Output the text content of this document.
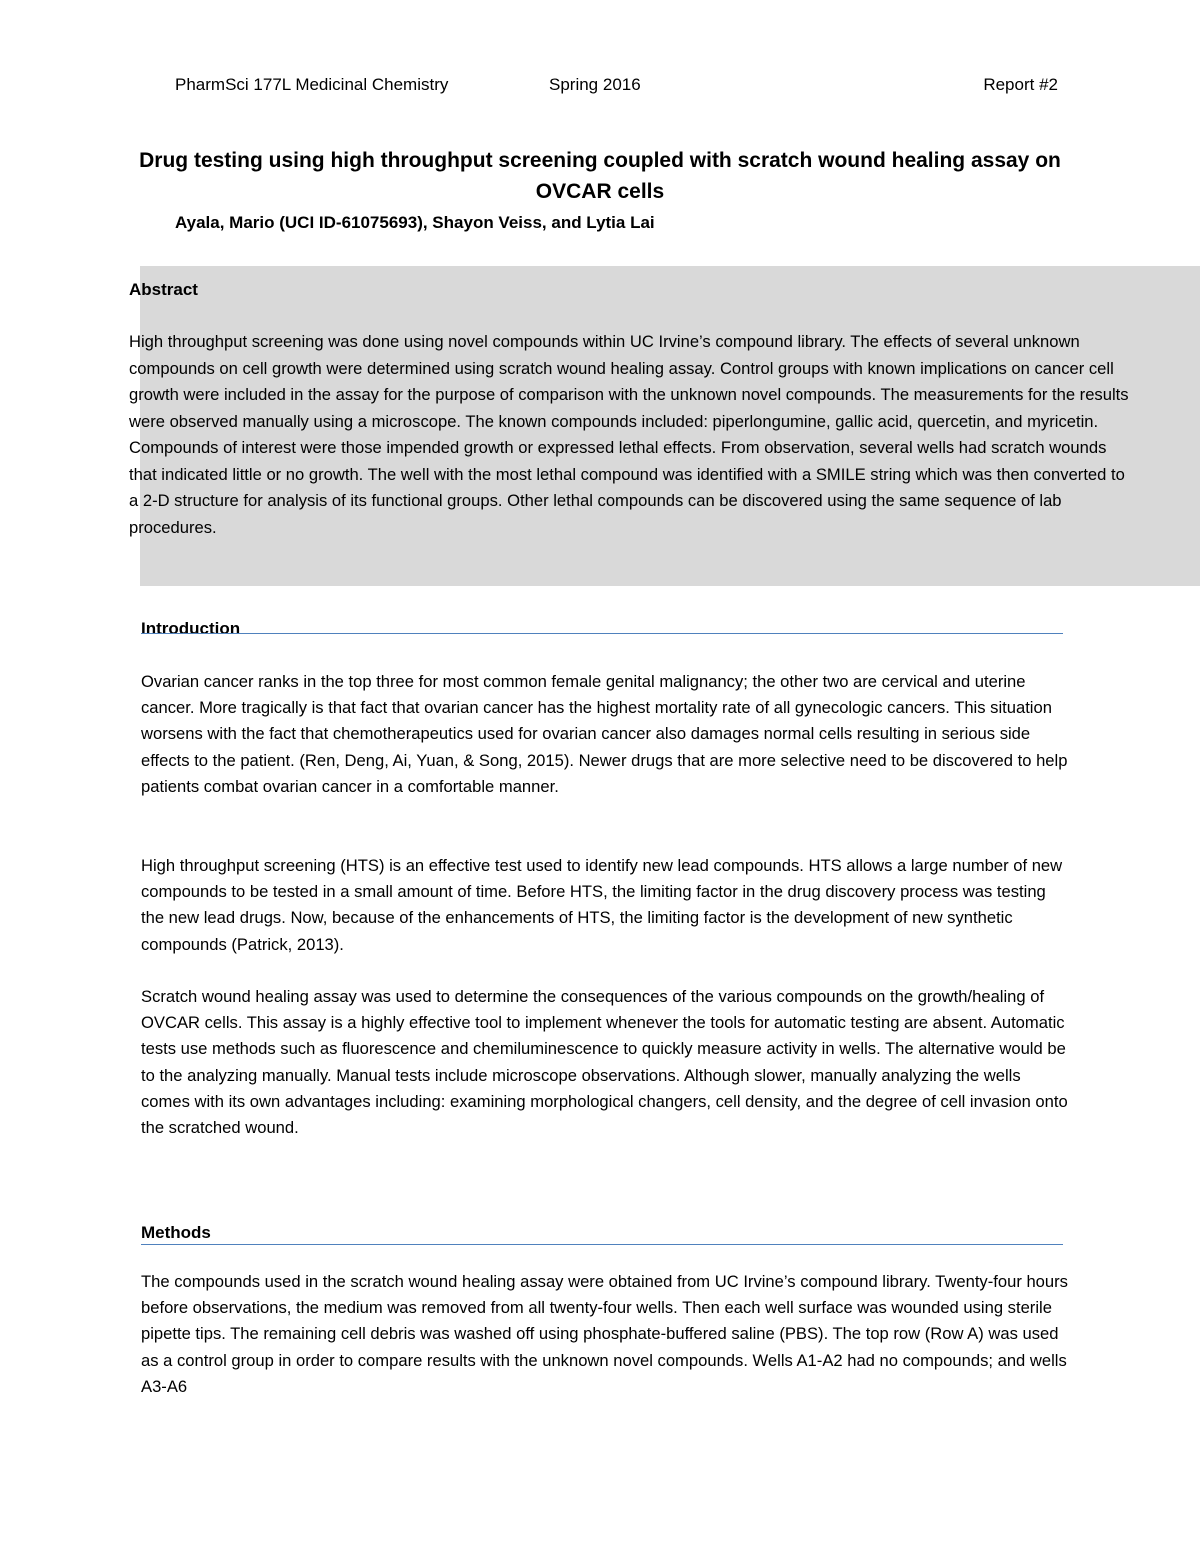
PharmSci 177L Medicinal Chemistry	Spring 2016	Report #2
Drug testing using high throughput screening coupled with scratch wound healing assay on OVCAR cells
Ayala, Mario (UCI ID-61075693), Shayon Veiss, and Lytia Lai
Abstract
High throughput screening was done using novel compounds within UC Irvine’s compound library. The effects of several unknown compounds on cell growth were determined using scratch wound healing assay. Control groups with known implications on cancer cell growth were included in the assay for the purpose of comparison with the unknown novel compounds. The measurements for the results were observed manually using a microscope. The known compounds included: piperlongumine, gallic acid, quercetin, and myricetin. Compounds of interest were those impended growth or expressed lethal effects. From observation, several wells had scratch wounds that indicated little or no growth. The well with the most lethal compound was identified with a SMILE string which was then converted to a 2-D structure for analysis of its functional groups. Other lethal compounds can be discovered using the same sequence of lab procedures.
Introduction

Ovarian cancer ranks in the top three for most common female genital malignancy; the other two are cervical and uterine cancer. More tragically is that fact that ovarian cancer has the highest mortality rate of all gynecologic cancers. This situation worsens with the fact that chemotherapeutics used for ovarian cancer also damages normal cells resulting in serious side effects to the patient. (Ren, Deng, Ai, Yuan, & Song, 2015). Newer drugs that are more selective need to be discovered to help patients combat ovarian cancer in a comfortable manner.

High throughput screening (HTS) is an effective test used to identify new lead compounds. HTS allows a large number of new compounds to be tested in a small amount of time. Before HTS, the limiting factor in the drug discovery process was testing the new lead drugs. Now, because of the enhancements of HTS, the limiting factor is the development of new synthetic compounds (Patrick, 2013).

Scratch wound healing assay was used to determine the consequences of the various compounds on the growth/healing of OVCAR cells. This assay is a highly effective tool to implement whenever the tools for automatic testing are absent. Automatic tests use methods such as fluorescence and chemiluminescence to quickly measure activity in wells. The alternative would be to the analyzing manually. Manual tests include microscope observations. Although slower, manually analyzing the wells comes with its own advantages including: examining morphological changers, cell density, and the degree of cell invasion onto the scratched wound.

Methods

The compounds used in the scratch wound healing assay were obtained from UC Irvine’s compound library. Twenty-four hours before observations, the medium was removed from all twenty-four wells. Then each well surface was wounded using sterile pipette tips. The remaining cell debris was washed off using phosphate-buffered saline (PBS). The top row (Row A) was used as a control group in order to compare results with the unknown novel compounds. Wells A1-A2 had no compounds; and wells A3-A6
